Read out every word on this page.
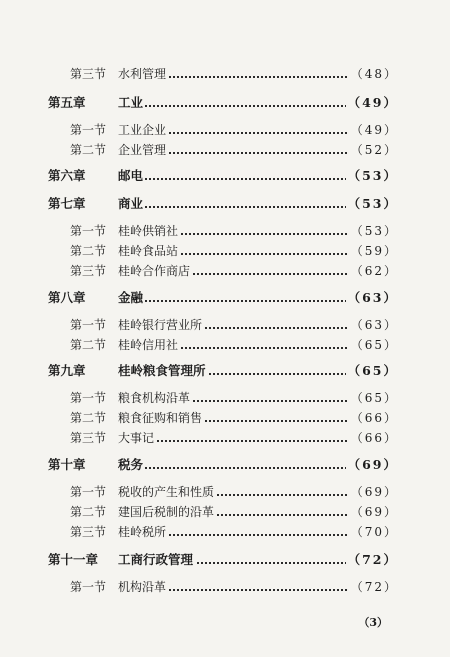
第三节 水利管理	（48）
第五章	工业	（49）
第一节 工业企业	（49）
第二节 企业管理	（52）
第六章	邮电	（53）
第七章	商业	（53）
第一节 桂岭供销社	（53）
第二节 桂岭食品站	（59）
第三节 桂岭合作商店	（62）
第八章	金融	（63）
第一节 桂岭银行营业所	（63）
第二节 桂岭信用社	（65）
第九章	桂岭粮食管理所	（65）
第一节 粮食机构沿革	（65）
第二节 粮食征购和销售	（66）
第三节 大事记	（66）
第十章	税务	（69）
第一节 税收的产生和性质	（69）
第二节 建国后税制的沿革	（69）
第三节 桂岭税所	（70）
第十一章 工商行政管理	（72）
第一节 机构沿革	（72）
（3）
